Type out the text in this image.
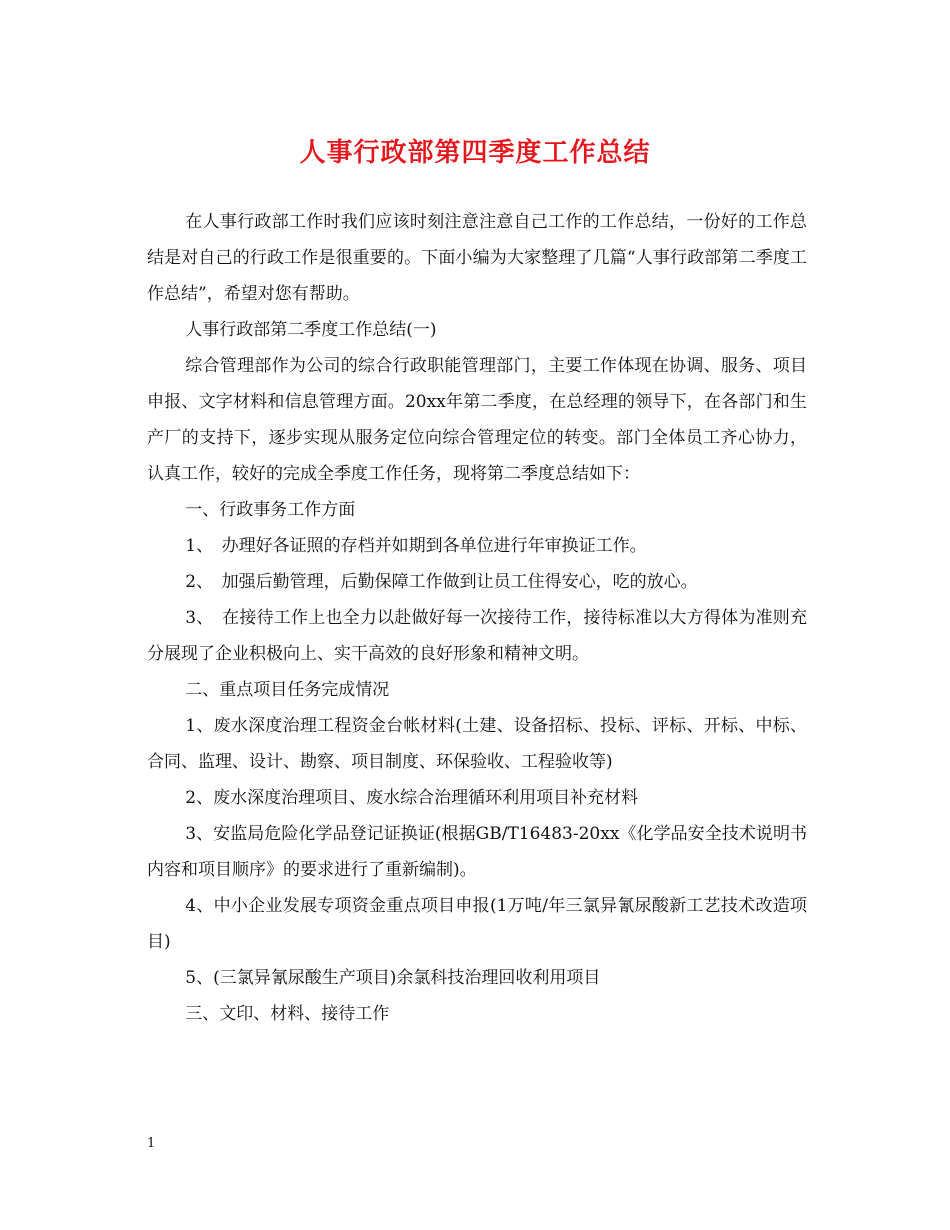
人事行政部第四季度工作总结

在人事行政部工作时我们应该时刻注意注意自己工作的工作总结，一份好的工作总结是对自己的行政工作是很重要的。下面小编为大家整理了几篇“人事行政部第二季度工作总结”，希望对您有帮助。

人事行政部第二季度工作总结(一)

综合管理部作为公司的综合行政职能管理部门，主要工作体现在协调、服务、项目申报、文字材料和信息管理方面。20xx年第二季度，在总经理的领导下，在各部门和生产厂的支持下，逐步实现从服务定位向综合管理定位的转变。部门全体员工齐心协力，认真工作，较好的完成全季度工作任务，现将第二季度总结如下：

一、行政事务工作方面

1、　办理好各证照的存档并如期到各单位进行年审换证工作。

2、　加强后勤管理，后勤保障工作做到让员工住得安心，吃的放心。

3、　在接待工作上也全力以赴做好每一次接待工作，接待标准以大方得体为准则充分展现了企业积极向上、实干高效的良好形象和精神文明。

二、重点项目任务完成情况

1、废水深度治理工程资金台帐材料(土建、设备招标、投标、评标、开标、中标、合同、监理、设计、勘察、项目制度、环保验收、工程验收等)

2、废水深度治理项目、废水综合治理循环利用项目补充材料

3、安监局危险化学品登记证换证(根据GB/T16483-20xx《化学品安全技术说明书内容和项目顺序》的要求进行了重新编制)。

4、中小企业发展专项资金重点项目申报(1万吨/年三氯异氰尿酸新工艺技术改造项目)

5、(三氯异氰尿酸生产项目)余氯科技治理回收利用项目

三、文印、材料、接待工作

1
